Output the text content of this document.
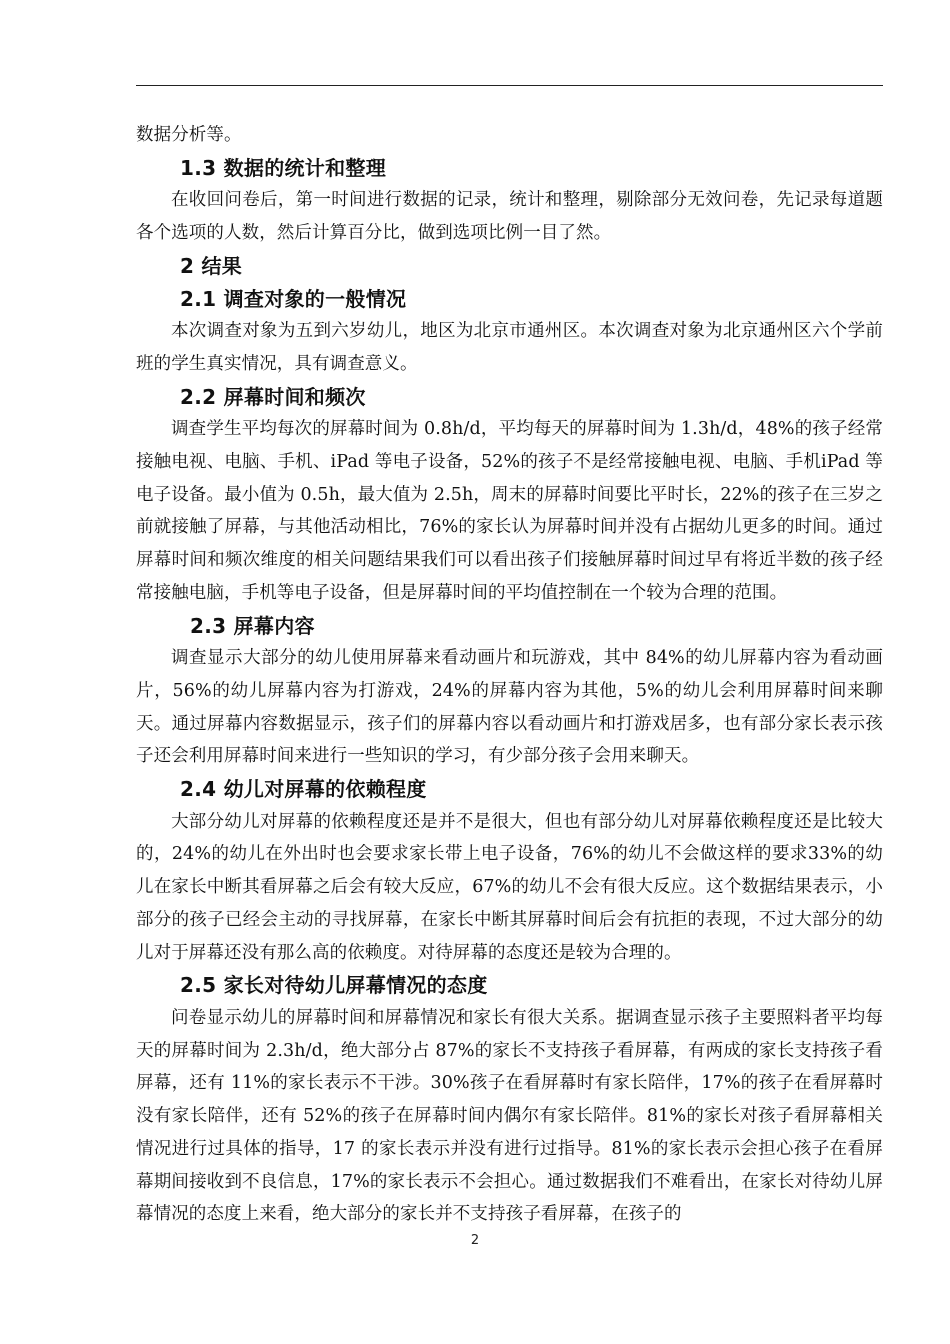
数据分析等。

1.3 数据的统计和整理

在收回问卷后，第一时间进行数据的记录，统计和整理，剔除部分无效问卷，先记录每道题各个选项的人数，然后计算百分比，做到选项比例一目了然。

2 结果
2.1 调查对象的一般情况

本次调查对象为五到六岁幼儿，地区为北京市通州区。本次调查对象为北京通州区六个学前班的学生真实情况，具有调查意义。

2.2 屏幕时间和频次

调查学生平均每次的屏幕时间为 0.8h/d，平均每天的屏幕时间为 1.3h/d，48%的孩子经常接触电视、电脑、手机、iPad 等电子设备，52%的孩子不是经常接触电视、电脑、手机iPad 等电子设备。最小值为 0.5h，最大值为 2.5h，周末的屏幕时间要比平时长，22%的孩子在三岁之前就接触了屏幕，与其他活动相比，76%的家长认为屏幕时间并没有占据幼儿更多的时间。通过屏幕时间和频次维度的相关问题结果我们可以看出孩子们接触屏幕时间过早有将近半数的孩子经常接触电脑，手机等电子设备，但是屏幕时间的平均值控制在一个较为合理的范围。

2.3 屏幕内容

调查显示大部分的幼儿使用屏幕来看动画片和玩游戏，其中 84%的幼儿屏幕内容为看动画片，56%的幼儿屏幕内容为打游戏，24%的屏幕内容为其他，5%的幼儿会利用屏幕时间来聊天。通过屏幕内容数据显示，孩子们的屏幕内容以看动画片和打游戏居多，也有部分家长表示孩子还会利用屏幕时间来进行一些知识的学习，有少部分孩子会用来聊天。

2.4 幼儿对屏幕的依赖程度

大部分幼儿对屏幕的依赖程度还是并不是很大，但也有部分幼儿对屏幕依赖程度还是比较大的，24%的幼儿在外出时也会要求家长带上电子设备，76%的幼儿不会做这样的要求33%的幼儿在家长中断其看屏幕之后会有较大反应，67%的幼儿不会有很大反应。这个数据结果表示，小部分的孩子已经会主动的寻找屏幕，在家长中断其屏幕时间后会有抗拒的表现，不过大部分的幼儿对于屏幕还没有那么高的依赖度。对待屏幕的态度还是较为合理的。

2.5 家长对待幼儿屏幕情况的态度

问卷显示幼儿的屏幕时间和屏幕情况和家长有很大关系。据调查显示孩子主要照料者平均每天的屏幕时间为 2.3h/d，绝大部分占 87%的家长不支持孩子看屏幕，有两成的家长支持孩子看屏幕，还有 11%的家长表示不干涉。30%孩子在看屏幕时有家长陪伴，17%的孩子在看屏幕时没有家长陪伴，还有 52%的孩子在屏幕时间内偶尔有家长陪伴。81%的家长对孩子看屏幕相关情况进行过具体的指导，17 的家长表示并没有进行过指导。81%的家长表示会担心孩子在看屏幕期间接收到不良信息，17%的家长表示不会担心。通过数据我们不难看出，在家长对待幼儿屏幕情况的态度上来看，绝大部分的家长并不支持孩子看屏幕，在孩子的

2
